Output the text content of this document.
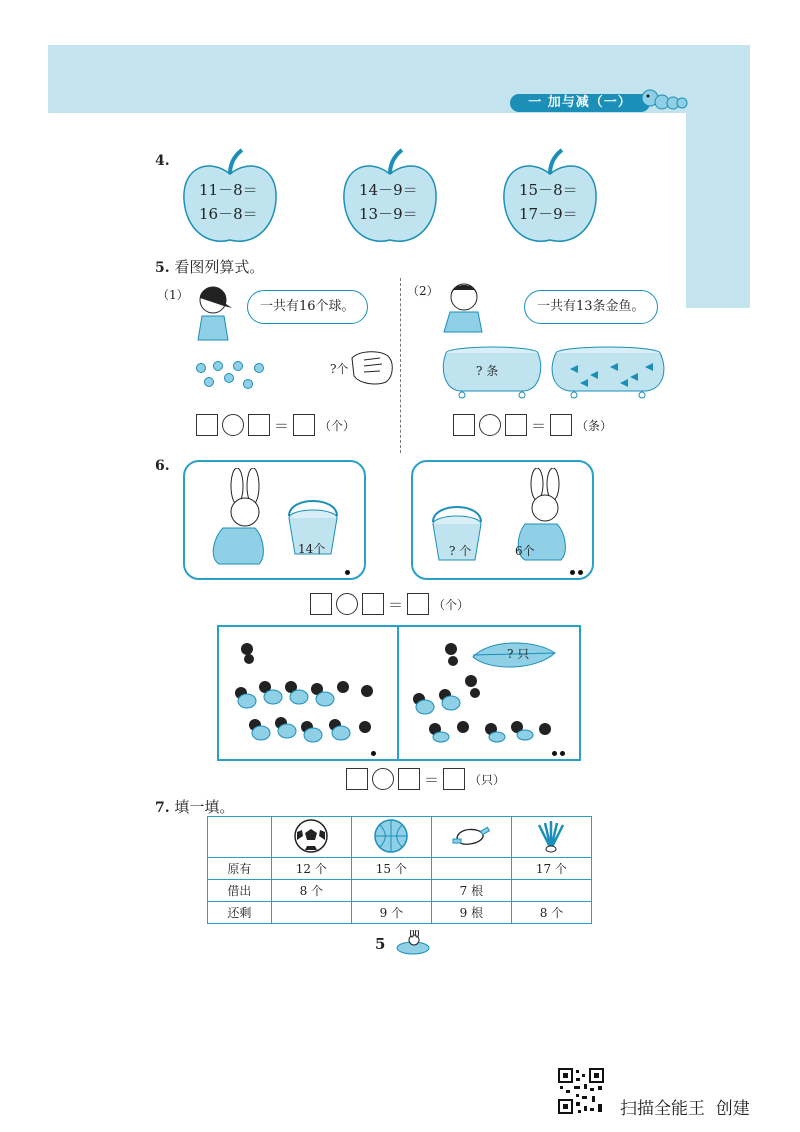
一 加与减（一）
4.
11－8＝
16－8＝
14－9＝
13－9＝
15－8＝
17－9＝
5. 看图列算式。
（1）
一共有16个球。
?个
＝	（个）
（2）
一共有13条金鱼。
? 条
＝	（条）
6.
14个	? 个	6个
＝	（个）
? 只
＝	（只）
7. 填一填。

原有	12 个	15 个		17 个
借出	8 个		7 根	
还剩		9 个	9 根	8 个
5
扫描全能王  创建
